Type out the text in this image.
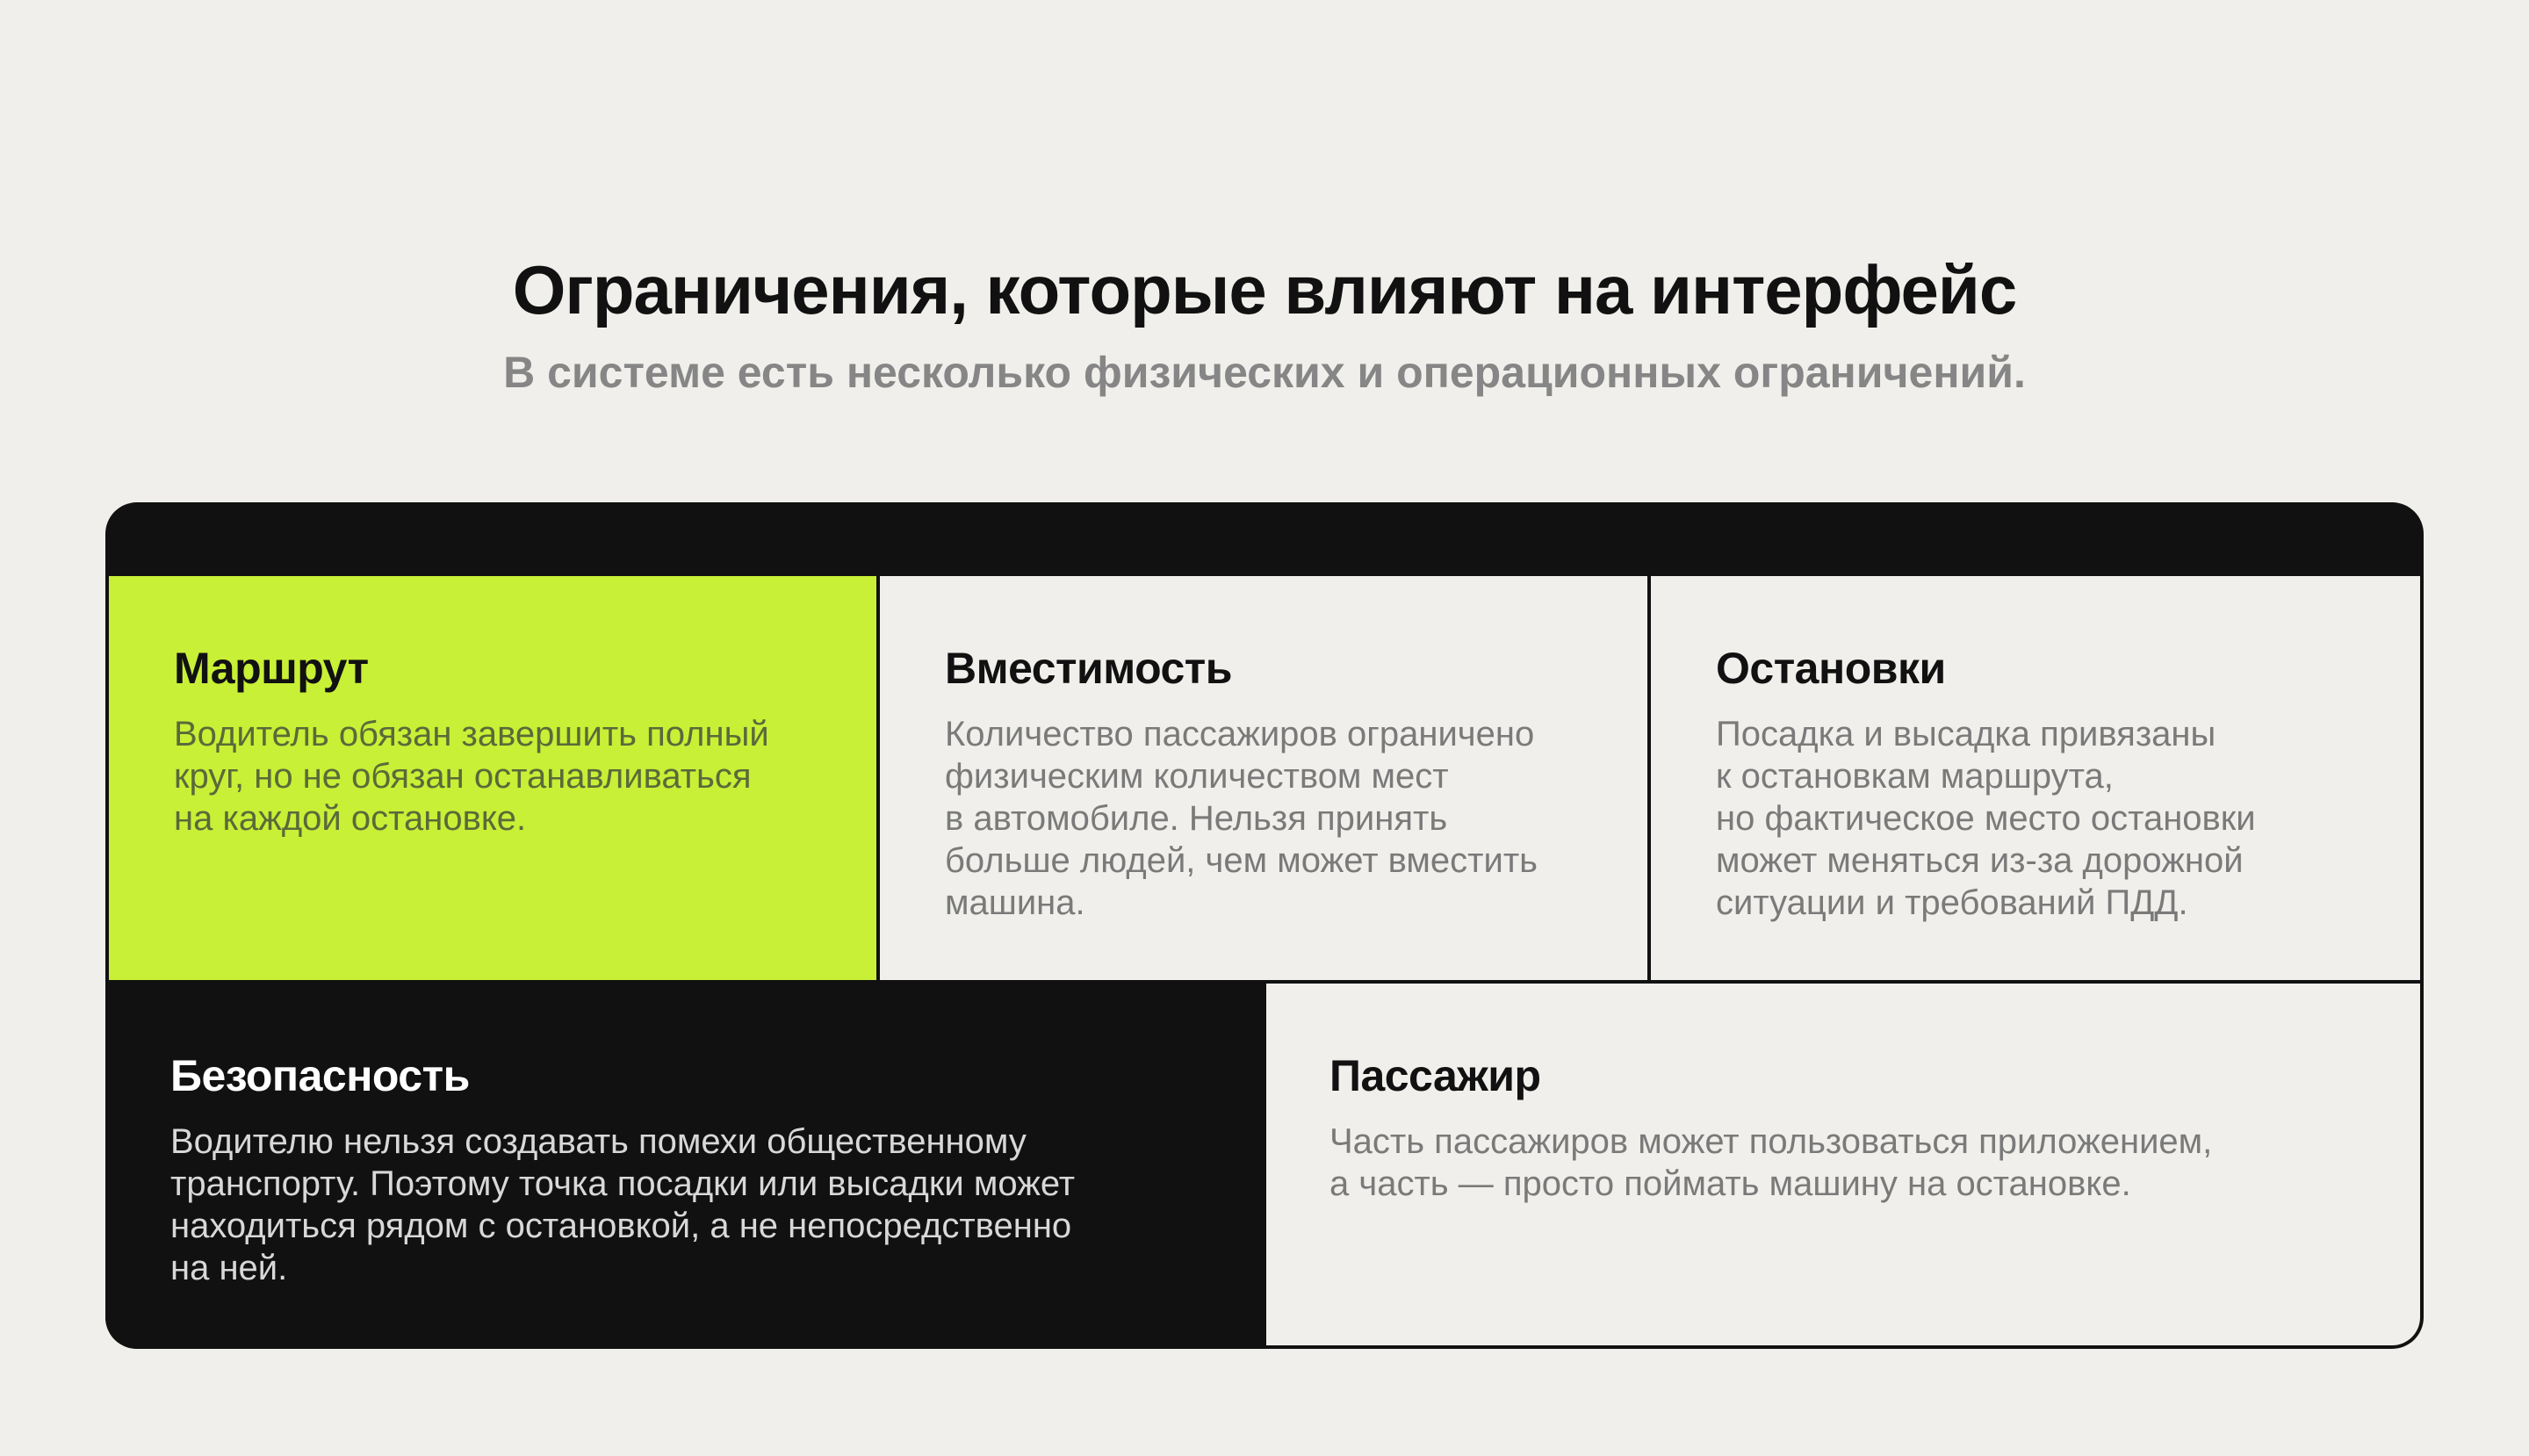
Ограничения, которые влияют на интерфейс

В системе есть несколько физических и операционных ограничений.

Маршрут

Водитель обязан завершить полный
круг, но не обязан останавливаться
на каждой остановке.

Вместимость

Количество пассажиров ограничено
физическим количеством мест
в автомобиле. Нельзя принять
больше людей, чем может вместить
машина.

Остановки

Посадка и высадка привязаны
к остановкам маршрута,
но фактическое место остановки
может меняться из-за дорожной
ситуации и требований ПДД.

Безопасность

Водителю нельзя создавать помехи общественному
транспорту. Поэтому точка посадки или высадки может
находиться рядом с остановкой, а не непосредственно
на ней.

Пассажир

Часть пассажиров может пользоваться приложением,
а часть — просто поймать машину на остановке.
